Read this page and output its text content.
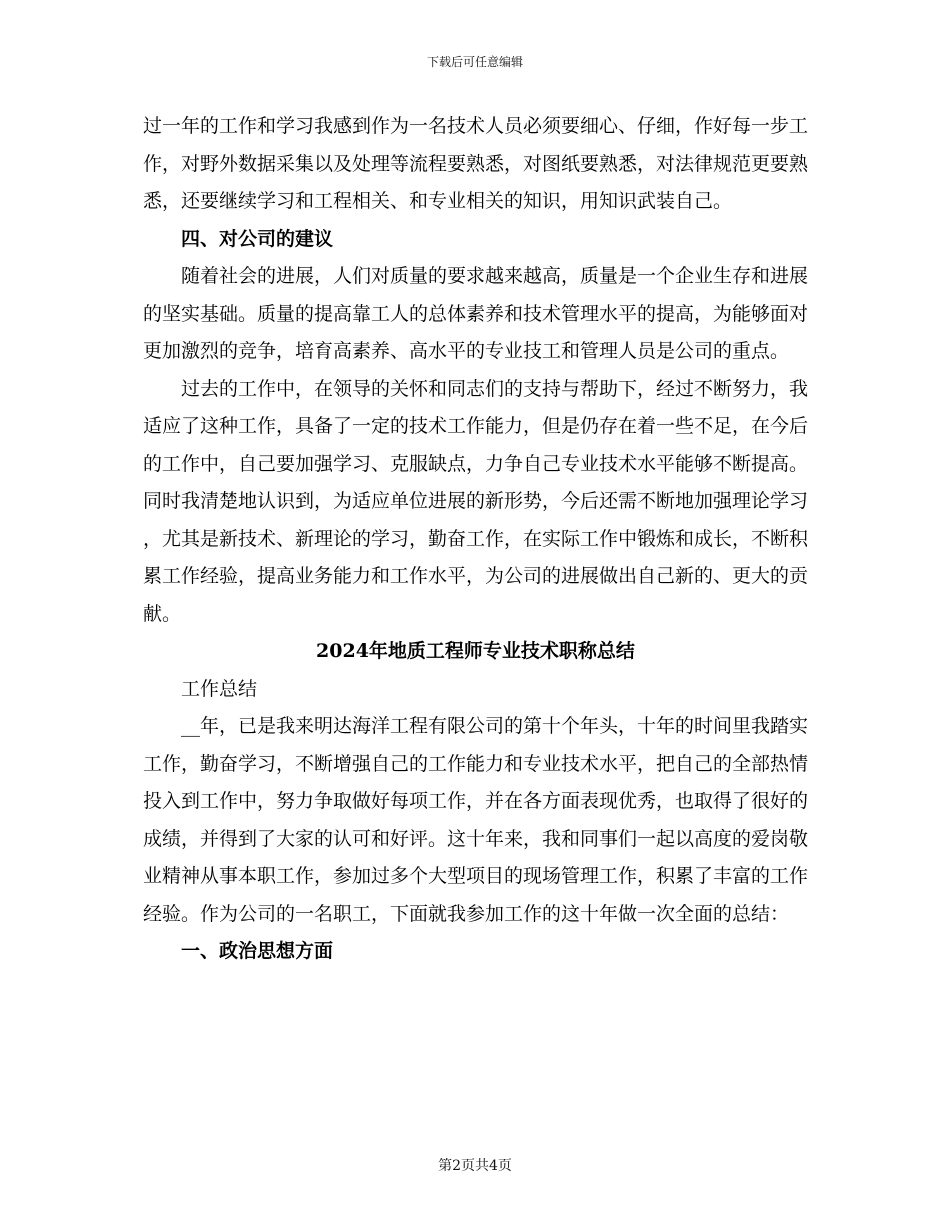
下载后可任意编辑

过一年的工作和学习我感到作为一名技术人员必须要细心、仔细，作好每一步工作，对野外数据采集以及处理等流程要熟悉，对图纸要熟悉，对法律规范更要熟悉，还要继续学习和工程相关、和专业相关的知识，用知识武装自己。

四、对公司的建议

随着社会的进展，人们对质量的要求越来越高，质量是一个企业生存和进展的坚实基础。质量的提高靠工人的总体素养和技术管理水平的提高，为能够面对更加激烈的竞争，培育高素养、高水平的专业技工和管理人员是公司的重点。

过去的工作中，在领导的关怀和同志们的支持与帮助下，经过不断努力，我适应了这种工作，具备了一定的技术工作能力，但是仍存在着一些不足，在今后的工作中，自己要加强学习、克服缺点，力争自己专业技术水平能够不断提高。同时我清楚地认识到，为适应单位进展的新形势，今后还需不断地加强理论学习，尤其是新技术、新理论的学习，勤奋工作，在实际工作中锻炼和成长，不断积累工作经验，提高业务能力和工作水平，为公司的进展做出自己新的、更大的贡献。

2024年地质工程师专业技术职称总结

工作总结

__年，已是我来明达海洋工程有限公司的第十个年头，十年的时间里我踏实工作，勤奋学习，不断增强自己的工作能力和专业技术水平，把自己的全部热情投入到工作中，努力争取做好每项工作，并在各方面表现优秀，也取得了很好的成绩，并得到了大家的认可和好评。这十年来，我和同事们一起以高度的爱岗敬业精神从事本职工作，参加过多个大型项目的现场管理工作，积累了丰富的工作经验。作为公司的一名职工，下面就我参加工作的这十年做一次全面的总结：

一、政治思想方面

第2页共4页
